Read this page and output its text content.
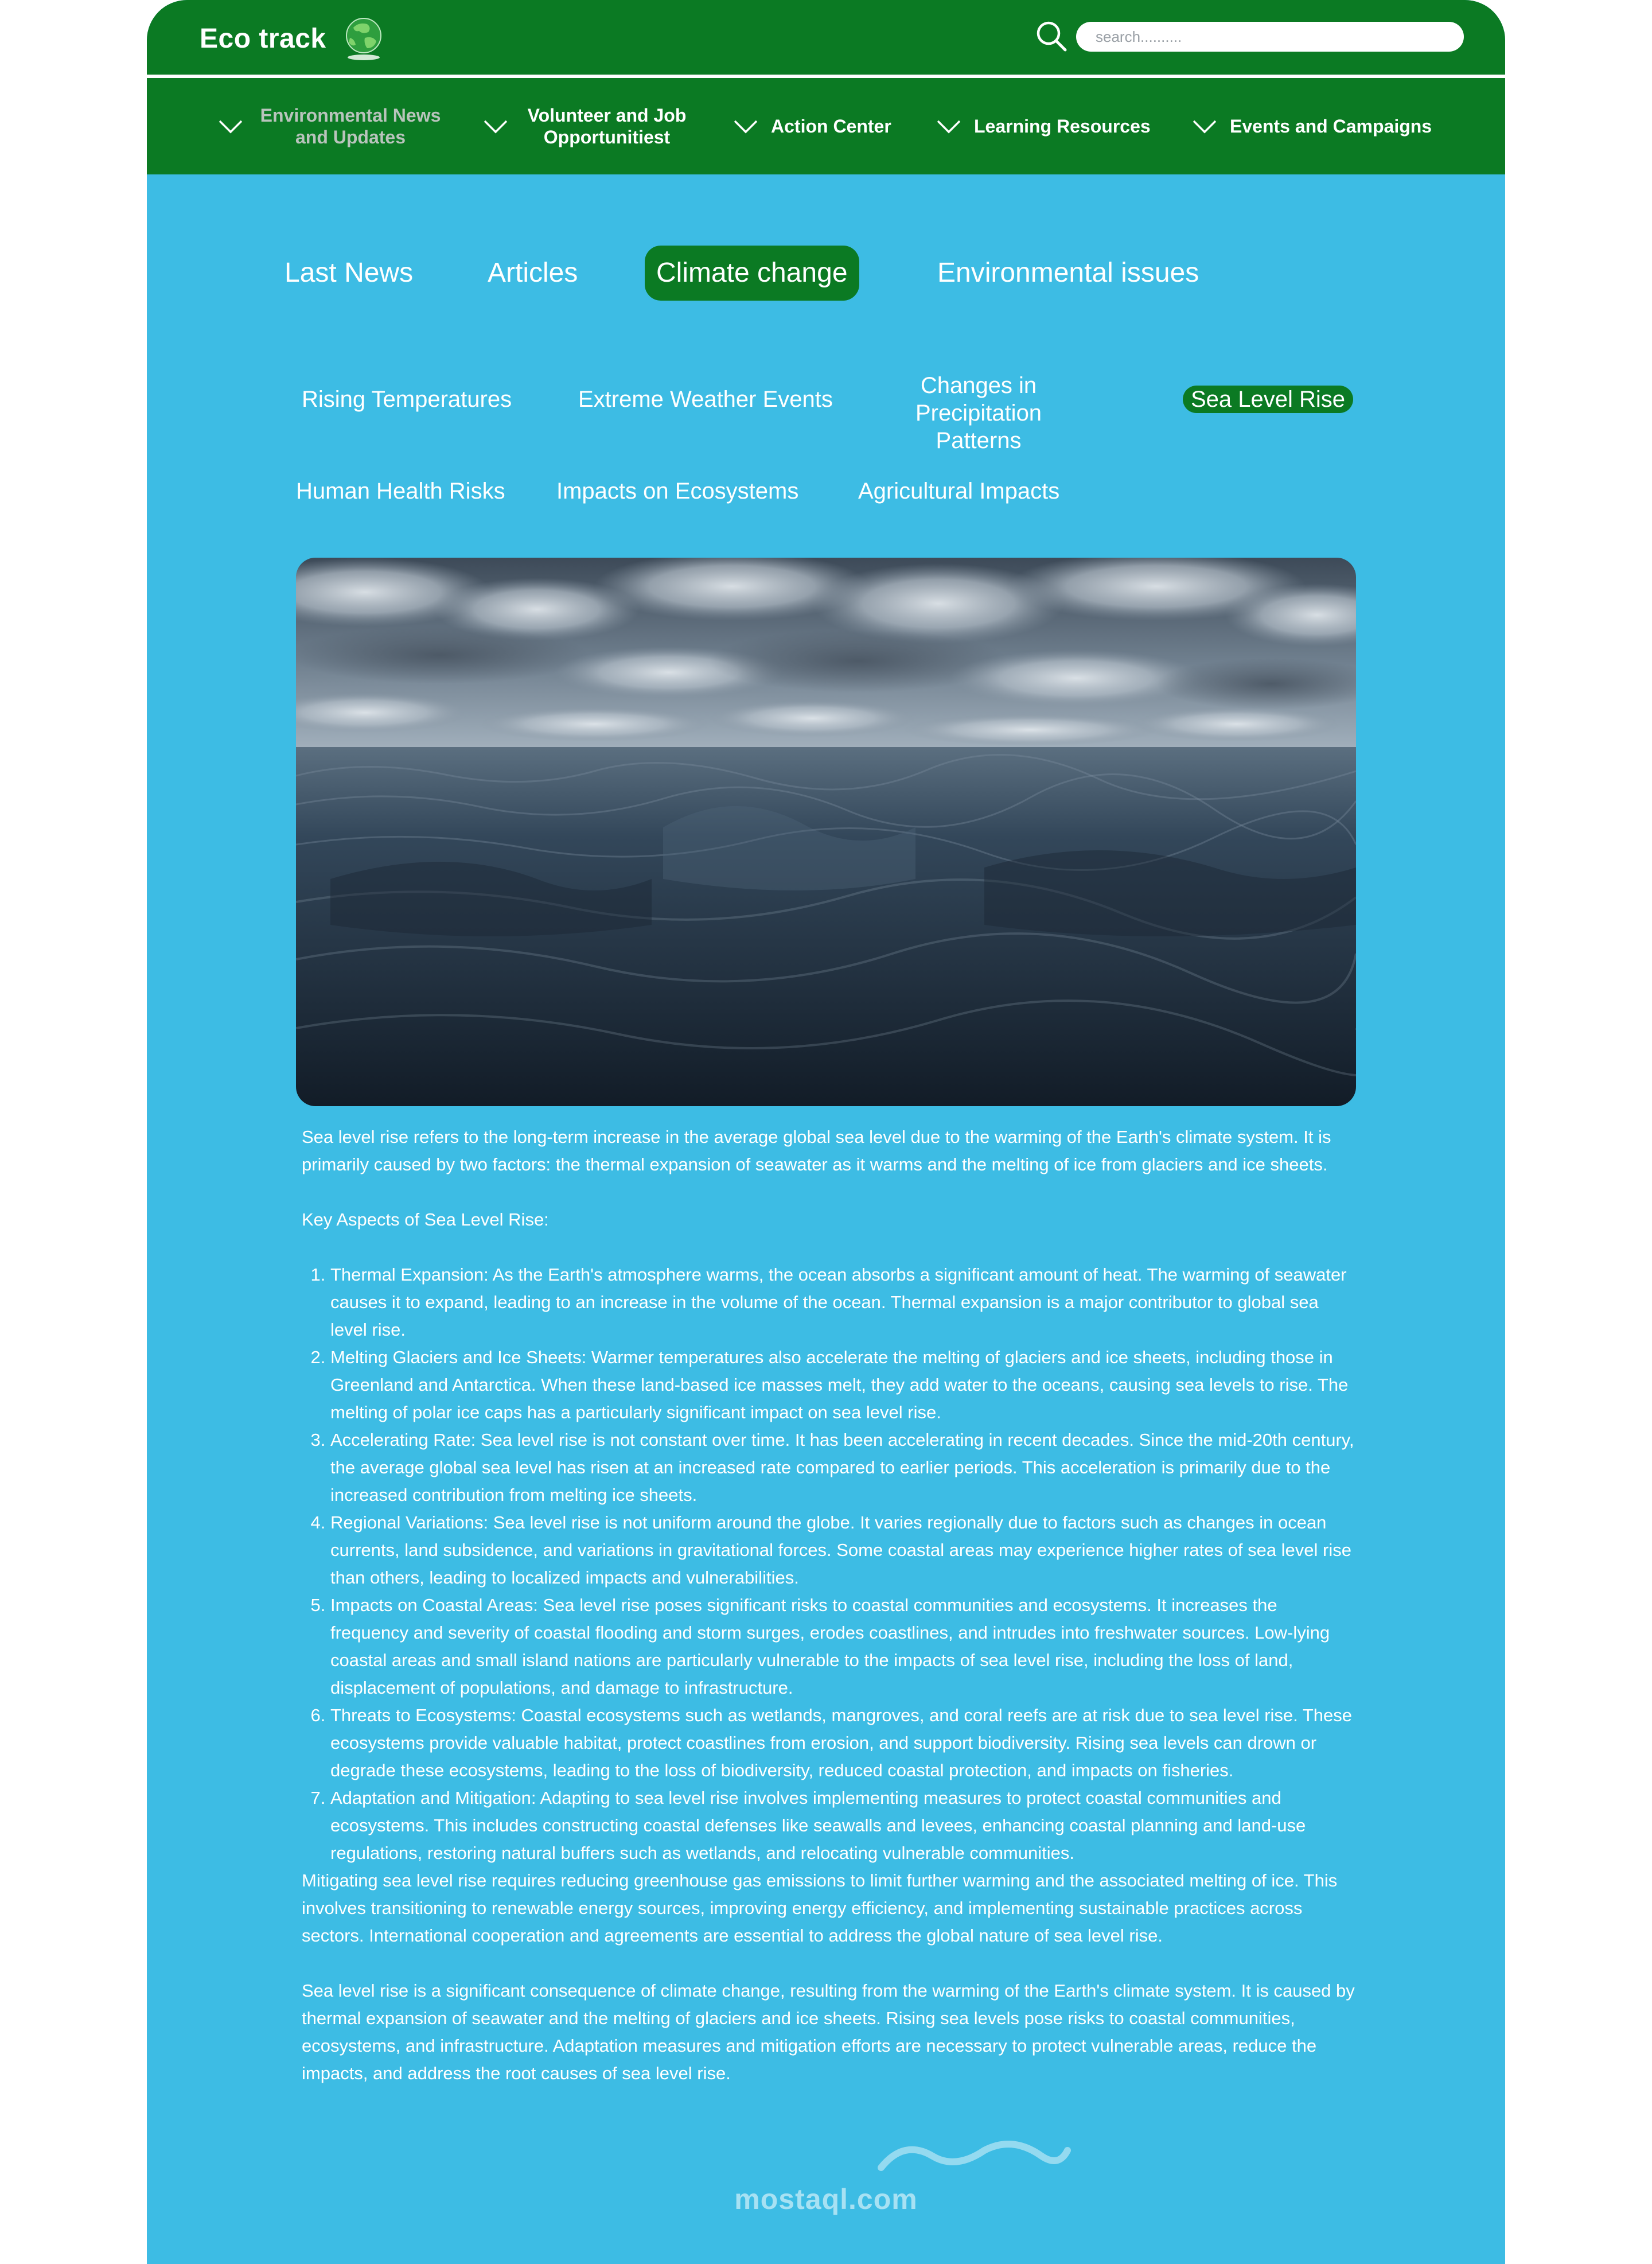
Eco track
search..........
Environmental News and Updates
Volunteer and Job Opportunitiest
Action Center	Learning Resources	Events and Campaigns
Last News	Articles	Climate change	Environmental issues
Rising Temperatures	Extreme Weather Events
Changes in Precipitation Patterns
Sea Level Rise
Human Health Risks Impacts on Ecosystems	Agricultural Impacts

Sea level rise refers to the long-term increase in the average global sea level due to the warming of the Earth's climate system. It is primarily caused by two factors: the thermal expansion of seawater as it warms and the melting of ice from glaciers and ice sheets.

Key Aspects of Sea Level Rise:

1. Thermal Expansion: As the Earth's atmosphere warms, the ocean absorbs a significant amount of heat. The warming of seawater causes it to expand, leading to an increase in the volume of the ocean. Thermal expansion is a major contributor to global sea level rise.
2. Melting Glaciers and Ice Sheets: Warmer temperatures also accelerate the melting of glaciers and ice sheets, including those in Greenland and Antarctica. When these land-based ice masses melt, they add water to the oceans, causing sea levels to rise. The melting of polar ice caps has a particularly significant impact on sea level rise.
3. Accelerating Rate: Sea level rise is not constant over time. It has been accelerating in recent decades. Since the mid-20th century, the average global sea level has risen at an increased rate compared to earlier periods. This acceleration is primarily due to the increased contribution from melting ice sheets.
4. Regional Variations: Sea level rise is not uniform around the globe. It varies regionally due to factors such as changes in ocean currents, land subsidence, and variations in gravitational forces. Some coastal areas may experience higher rates of sea level rise than others, leading to localized impacts and vulnerabilities.
5. Impacts on Coastal Areas: Sea level rise poses significant risks to coastal communities and ecosystems. It increases the frequency and severity of coastal flooding and storm surges, erodes coastlines, and intrudes into freshwater sources. Low-lying coastal areas and small island nations are particularly vulnerable to the impacts of sea level rise, including the loss of land, displacement of populations, and damage to infrastructure.
6. Threats to Ecosystems: Coastal ecosystems such as wetlands, mangroves, and coral reefs are at risk due to sea level rise. These ecosystems provide valuable habitat, protect coastlines from erosion, and support biodiversity. Rising sea levels can drown or degrade these ecosystems, leading to the loss of biodiversity, reduced coastal protection, and impacts on fisheries.
7. Adaptation and Mitigation: Adapting to sea level rise involves implementing measures to protect coastal communities and ecosystems. This includes constructing coastal defenses like seawalls and levees, enhancing coastal planning and land-use regulations, restoring natural buffers such as wetlands, and relocating vulnerable communities.

Mitigating sea level rise requires reducing greenhouse gas emissions to limit further warming and the associated melting of ice. This involves transitioning to renewable energy sources, improving energy efficiency, and implementing sustainable practices across sectors. International cooperation and agreements are essential to address the global nature of sea level rise.

Sea level rise is a significant consequence of climate change, resulting from the warming of the Earth's climate system. It is caused by thermal expansion of seawater and the melting of glaciers and ice sheets. Rising sea levels pose risks to coastal communities, ecosystems, and infrastructure. Adaptation measures and mitigation efforts are necessary to protect vulnerable areas, reduce the impacts, and address the root causes of sea level rise.

mostaql.com
